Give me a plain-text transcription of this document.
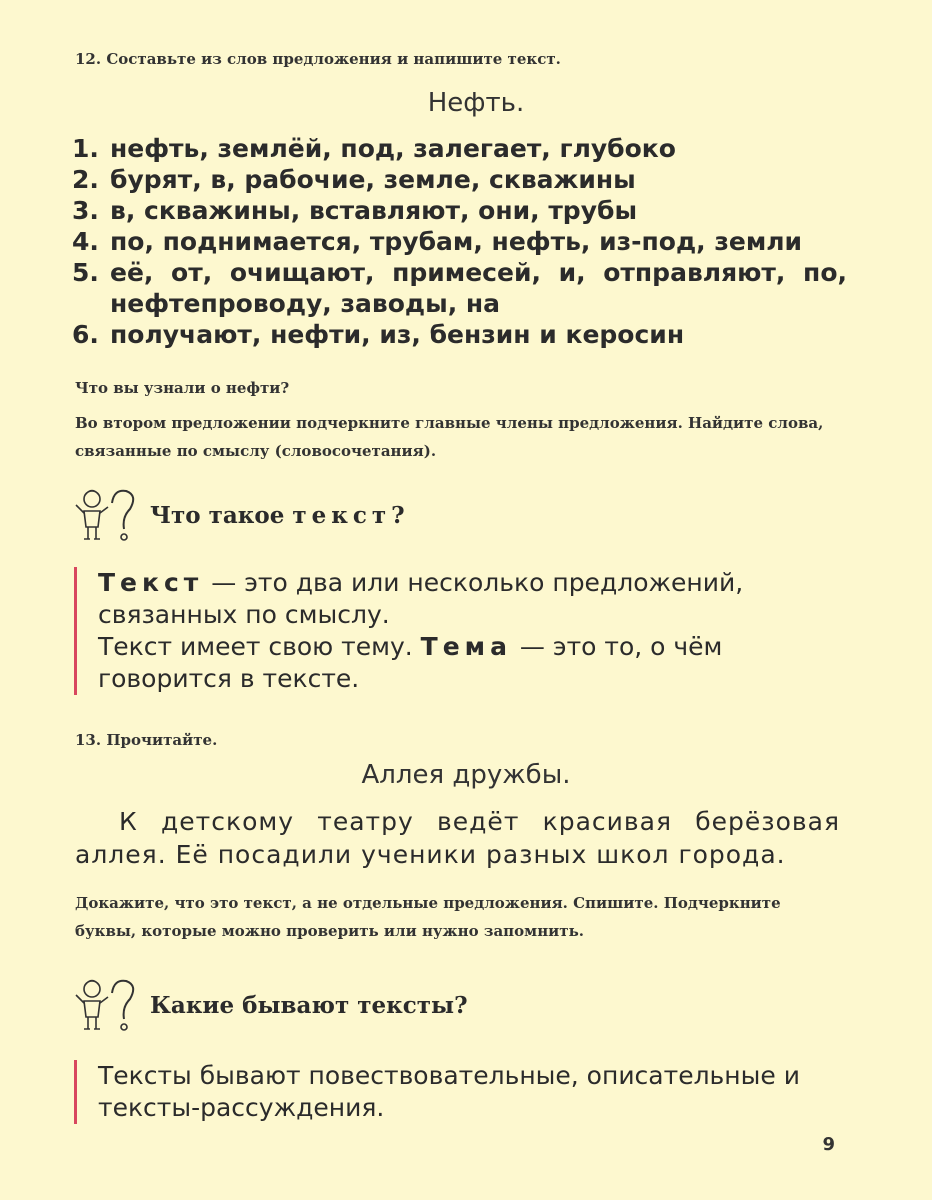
12. Составьте из слов предложения и напишите текст.
Нефть.
1. нефть, землёй, под, залегает, глубоко
2. бурят, в, рабочие, земле, скважины
3. в, скважины, вставляют, они, трубы
4. по, поднимается, трубам, нефть, из-под, земли
5. её, от, очищают, примесей, и, отправляют, по, нефтепроводу, заводы, на
6. получают, нефти, из, бензин и керосин
Что вы узнали о нефти?
Во втором предложении подчеркните главные члены предложения. Найдите слова, связанные по смыслу (словосочетания).
Что такое текст?
Текст — это два или несколько предложений, связанных по смыслу.
Текст имеет свою тему. Тема — это то, о чём говорится в тексте.
13. Прочитайте.
Аллея дружбы.
К детскому театру ведёт красивая берёзовая аллея. Её посадили ученики разных школ города.
Докажите, что это текст, а не отдельные предложения. Спишите. Подчеркните буквы, которые можно проверить или нужно запомнить.
Какие бывают тексты?
Тексты бывают повествовательные, описательные и тексты-рассуждения.
9
